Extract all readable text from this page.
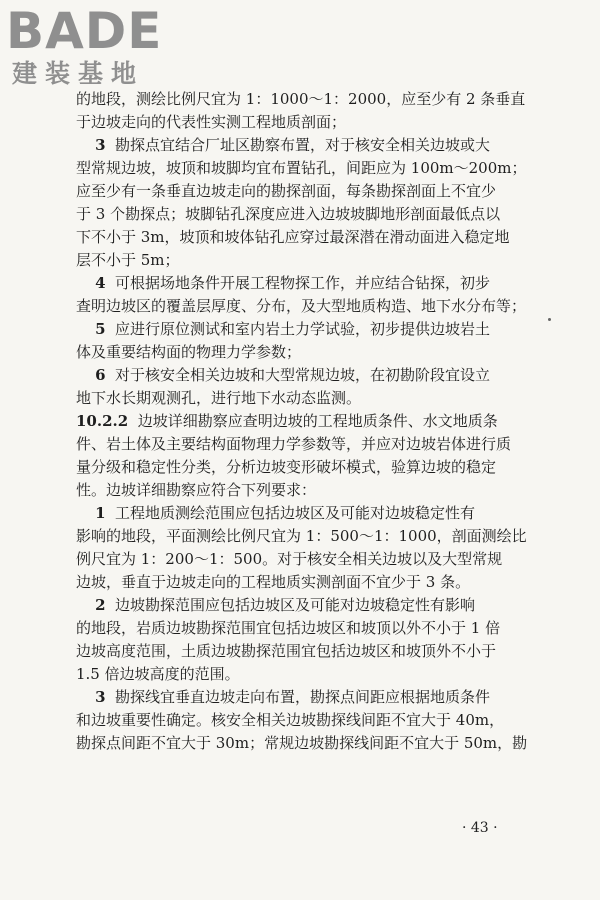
BADE
建装基地

的地段，测绘比例尺宜为 1：1000～1：2000，应至少有 2 条垂直

于边坡走向的代表性实测工程地质剖面；

3  勘探点宜结合厂址区勘察布置，对于核安全相关边坡或大

型常规边坡，坡顶和坡脚均宜布置钻孔，间距应为 100m～200m；

应至少有一条垂直边坡走向的勘探剖面，每条勘探剖面上不宜少

于 3 个勘探点；坡脚钻孔深度应进入边坡坡脚地形剖面最低点以

下不小于 3m，坡顶和坡体钻孔应穿过最深潜在滑动面进入稳定地

层不小于 5m；

4  可根据场地条件开展工程物探工作，并应结合钻探，初步

查明边坡区的覆盖层厚度、分布，及大型地质构造、地下水分布等；

5  应进行原位测试和室内岩土力学试验，初步提供边坡岩土

体及重要结构面的物理力学参数；

6  对于核安全相关边坡和大型常规边坡，在初勘阶段宜设立

地下水长期观测孔，进行地下水动态监测。

10.2.2  边坡详细勘察应查明边坡的工程地质条件、水文地质条

件、岩土体及主要结构面物理力学参数等，并应对边坡岩体进行质

量分级和稳定性分类，分析边坡变形破坏模式，验算边坡的稳定

性。边坡详细勘察应符合下列要求：

1  工程地质测绘范围应包括边坡区及可能对边坡稳定性有

影响的地段，平面测绘比例尺宜为 1：500～1：1000，剖面测绘比

例尺宜为 1：200～1：500。对于核安全相关边坡以及大型常规

边坡，垂直于边坡走向的工程地质实测剖面不宜少于 3 条。

2  边坡勘探范围应包括边坡区及可能对边坡稳定性有影响

的地段，岩质边坡勘探范围宜包括边坡区和坡顶以外不小于 1 倍

边坡高度范围，土质边坡勘探范围宜包括边坡区和坡顶外不小于

1.5 倍边坡高度的范围。

3  勘探线宜垂直边坡走向布置，勘探点间距应根据地质条件

和边坡重要性确定。核安全相关边坡勘探线间距不宜大于 40m，

勘探点间距不宜大于 30m；常规边坡勘探线间距不宜大于 50m，勘

· 43 ·
